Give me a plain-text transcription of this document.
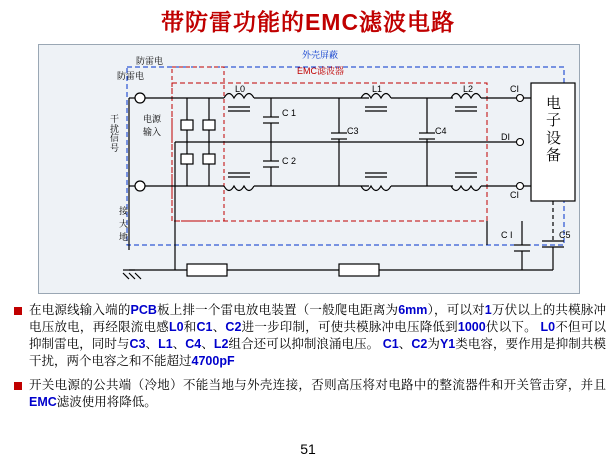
带防雷功能的EMC滤波电路
外壳屏蔽
EMC滤波器
防雷电
防雷电
电源
输入
接
大
地
L0	L1	L2
C 1
C 2
C3	C4
CI
DI
CI
C I	C5
干扰信号
电
子
设
备
在电源线输入端的PCB板上排一个雷电放电装置（一般爬电距离为6mm），可以对1万伏以上的共模脉冲电压放电，再经限流电感L0和C1、C2进一步印制，可使共模脉冲电压降低到1000伏以下。 L0不但可以抑制雷电，同时与C3、L1、C4、L2组合还可以抑制浪涌电压。 C1、C2为Y1类电容，要作用是抑制共模干扰，两个电容之和不能超过4700pF
开关电源的公共端（冷地）不能当地与外壳连接，否则高压将对电路中的整流器件和开关管击穿，并且EMC滤波使用将降低。
51
